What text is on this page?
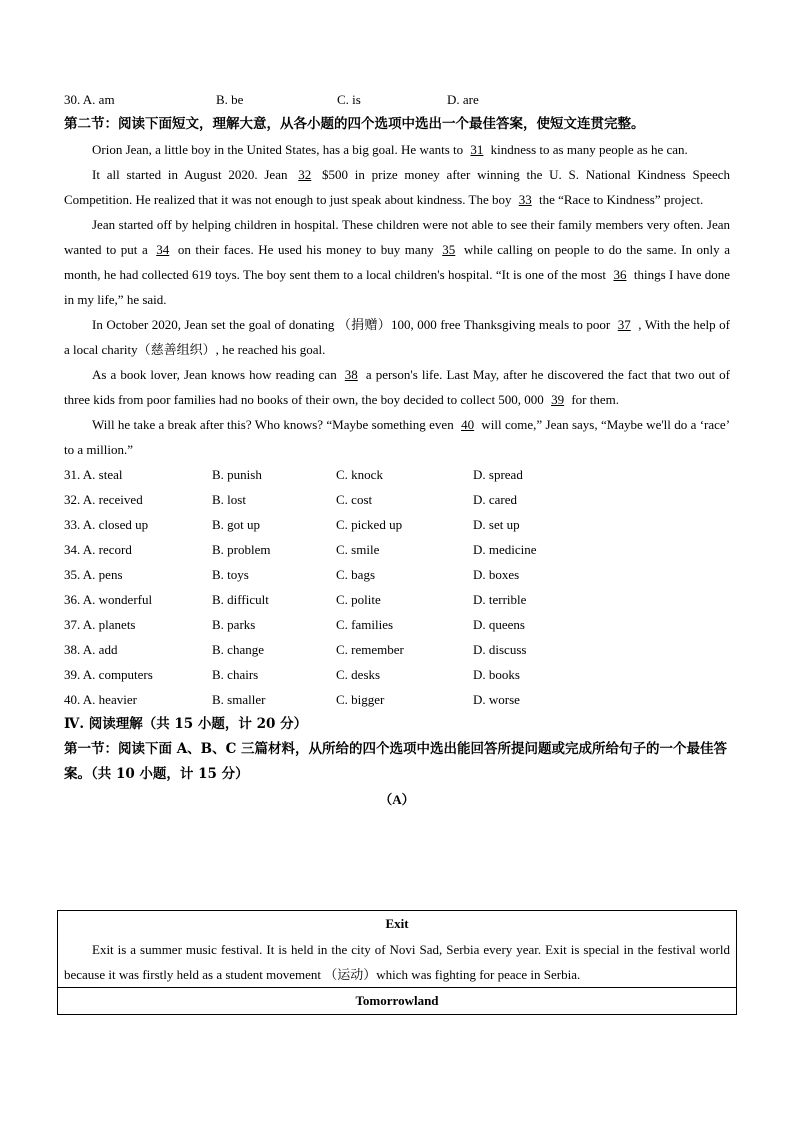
30. A. am	B. be	C. is	D. are

第二节：阅读下面短文，理解大意，从各小题的四个选项中选出一个最佳答案，使短文连贯完整。

Orion Jean, a little boy in the United States, has a big goal. He wants to 31 kindness to as many people as he can.

It all started in August 2020. Jean 32 $500 in prize money after winning the U. S. National Kindness Speech Competition. He realized that it was not enough to just speak about kindness. The boy 33 the “Race to Kindness” project.

Jean started off by helping children in hospital. These children were not able to see their family members very often. Jean wanted to put a 34 on their faces. He used his money to buy many 35 while calling on people to do the same. In only a month, he had collected 619 toys. The boy sent them to a local children's hospital. “It is one of the most 36 things I have done in my life,” he said.

In October 2020, Jean set the goal of donating （捐赠）100, 000 free Thanksgiving meals to poor 37 , With the help of a local charity（慈善组织）, he reached his goal.

As a book lover, Jean knows how reading can 38 a person's life. Last May, after he discovered the fact that two out of three kids from poor families had no books of their own, the boy decided to collect 500, 000 39 for them.

Will he take a break after this? Who knows? “Maybe something even 40 will come,” Jean says, “Maybe we'll do a ‘race’ to a million.”

31. A. steal	B. punish	C. knock	D. spread
32. A. received	B. lost	C. cost	D. cared
33. A. closed up	B. got up	C. picked up	D. set up
34. A. record	B. problem	C. smile	D. medicine
35. A. pens	B. toys	C. bags	D. boxes
36. A. wonderful	B. difficult	C. polite	D. terrible
37. A. planets	B. parks	C. families	D. queens
38. A. add	B. change	C. remember	D. discuss
39. A. computers	B. chairs	C. desks	D. books
40. A. heavier	B. smaller	C. bigger	D. worse

Ⅳ. 阅读理解（共 15 小题，计 20 分）

第一节：阅读下面 A、B、C 三篇材料，从所给的四个选项中选出能回答所提问题或完成所给句子的一个最佳答案。（共 10 小题，计 15 分）

（A）

Exit
Exit is a summer music festival. It is held in the city of Novi Sad, Serbia every year. Exit is special in the festival world because it was firstly held as a student movement （运动）which was fighting for peace in Serbia.

Tomorrowland
